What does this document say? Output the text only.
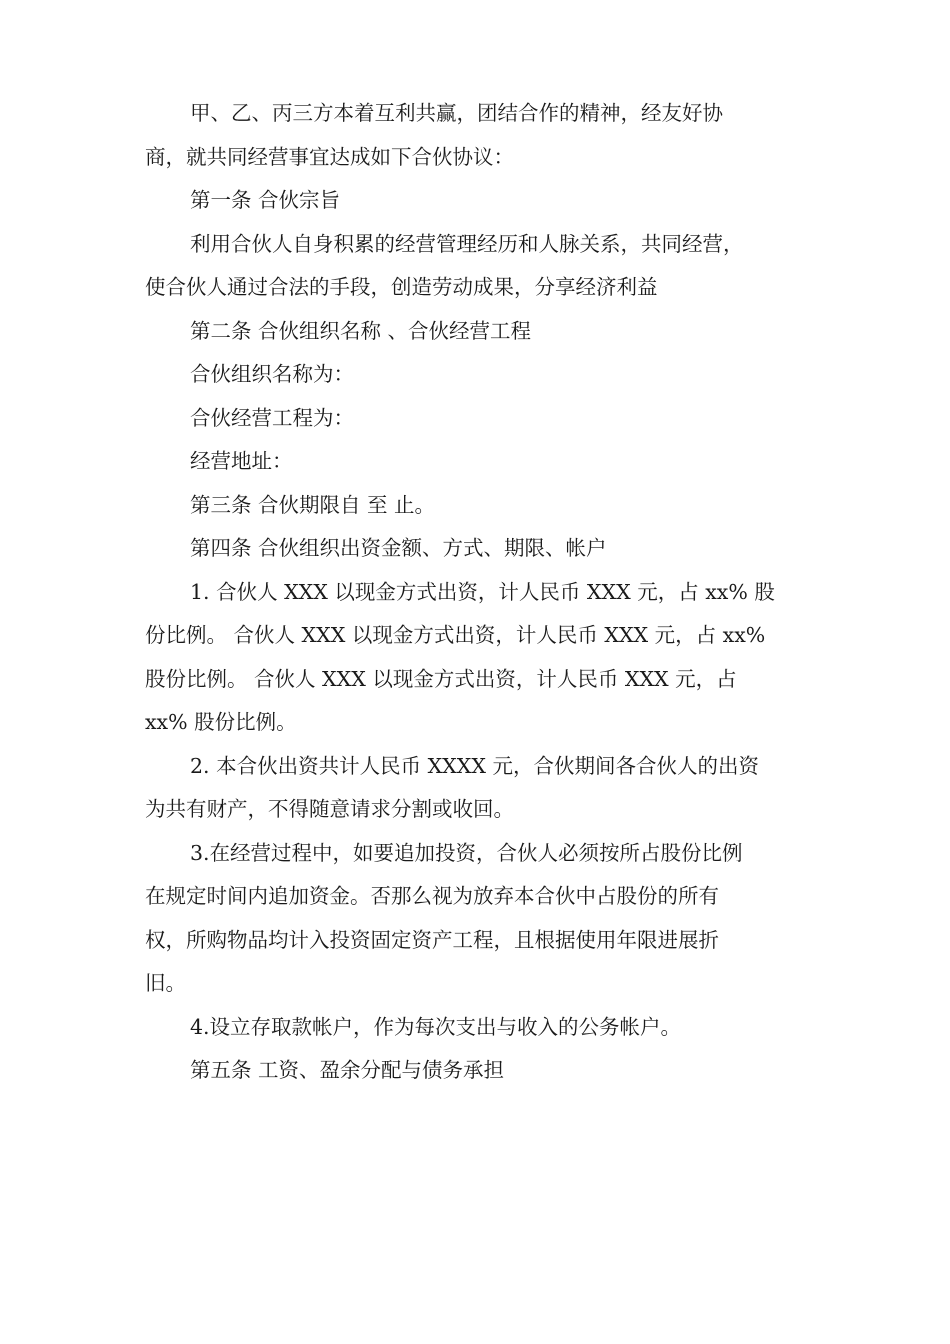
甲、乙、丙三方本着互利共赢，团结合作的精神，经友好协
商，就共同经营事宜达成如下合伙协议：
第一条 合伙宗旨
利用合伙人自身积累的经营管理经历和人脉关系，共同经营，
使合伙人通过合法的手段，创造劳动成果，分享经济利益
第二条 合伙组织名称 、合伙经营工程
合伙组织名称为：
合伙经营工程为：
经营地址：
第三条 合伙期限自 至 止。
第四条 合伙组织出资金额、方式、期限、帐户
1. 合伙人 XXX 以现金方式出资，计人民币 XXX 元，占 xx% 股
份比例。 合伙人 XXX 以现金方式出资，计人民币 XXX 元，占 xx%
股份比例。 合伙人 XXX 以现金方式出资，计人民币 XXX 元，占
xx% 股份比例。
2. 本合伙出资共计人民币 XXXX 元，合伙期间各合伙人的出资
为共有财产，不得随意请求分割或收回。
3.在经营过程中，如要追加投资，合伙人必须按所占股份比例
在规定时间内追加资金。否那么视为放弃本合伙中占股份的所有
权，所购物品均计入投资固定资产工程，且根据使用年限进展折
旧。
4.设立存取款帐户，作为每次支出与收入的公务帐户。
第五条 工资、盈余分配与债务承担
